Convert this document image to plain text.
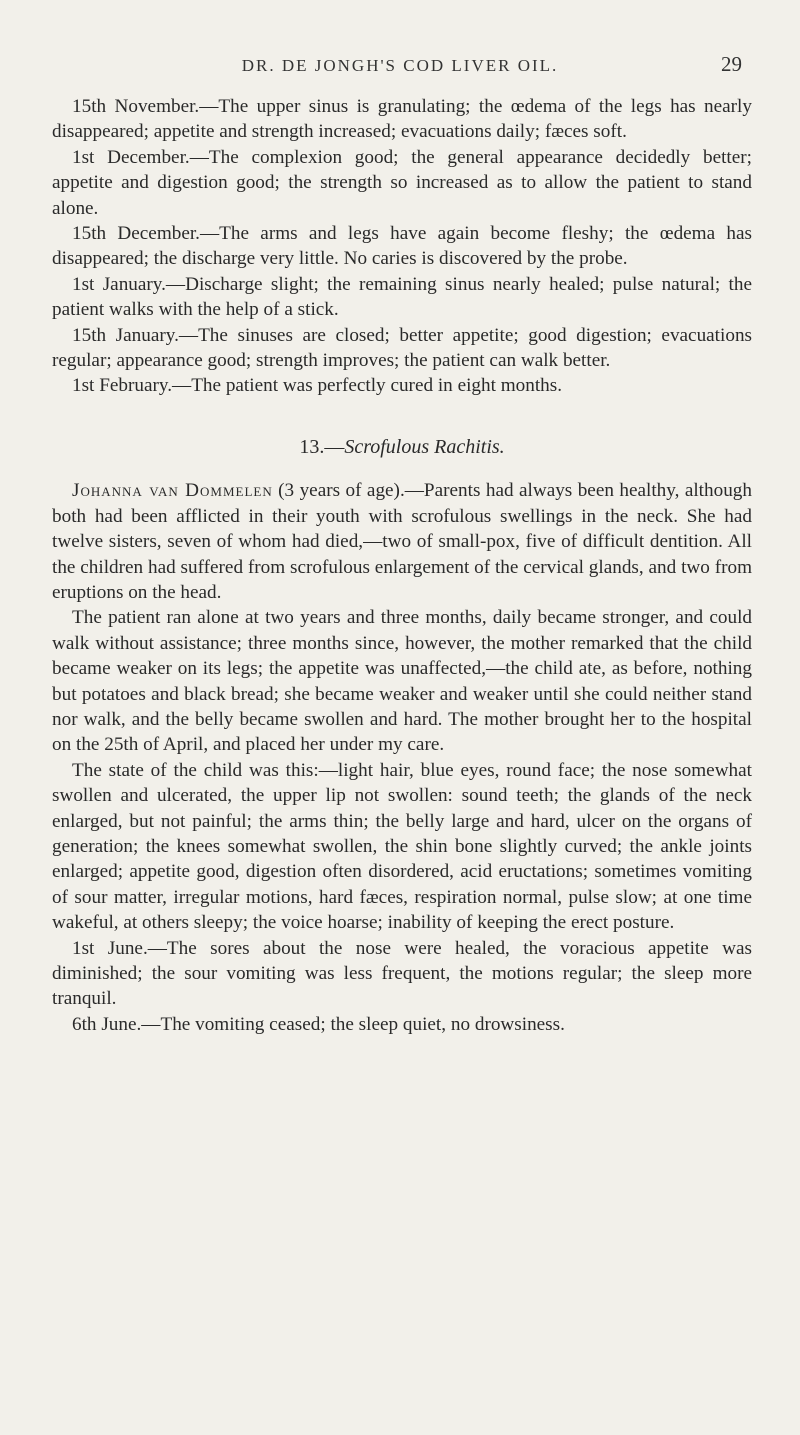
DR. DE JONGH'S COD LIVER OIL.	29

15th November.—The upper sinus is granulating; the œdema of the legs has nearly disappeared; appetite and strength increased; evacuations daily; fæces soft.

1st December.—The complexion good; the general appearance decidedly better; appetite and digestion good; the strength so increased as to allow the patient to stand alone.

15th December.—The arms and legs have again become fleshy; the œdema has disappeared; the discharge very little. No caries is discovered by the probe.

1st January.—Discharge slight; the remaining sinus nearly healed; pulse natural; the patient walks with the help of a stick.

15th January.—The sinuses are closed; better appetite; good digestion; evacuations regular; appearance good; strength improves; the patient can walk better.

1st February.—The patient was perfectly cured in eight months.

13.—Scrofulous Rachitis.

Johanna van Dommelen (3 years of age).—Parents had always been healthy, although both had been afflicted in their youth with scrofulous swellings in the neck. She had twelve sisters, seven of whom had died,—two of small-pox, five of difficult dentition. All the children had suffered from scrofulous enlargement of the cervical glands, and two from eruptions on the head.

The patient ran alone at two years and three months, daily became stronger, and could walk without assistance; three months since, however, the mother remarked that the child became weaker on its legs; the appetite was unaffected,—the child ate, as before, nothing but potatoes and black bread; she became weaker and weaker until she could neither stand nor walk, and the belly became swollen and hard. The mother brought her to the hospital on the 25th of April, and placed her under my care.

The state of the child was this:—light hair, blue eyes, round face; the nose somewhat swollen and ulcerated, the upper lip not swollen: sound teeth; the glands of the neck enlarged, but not painful; the arms thin; the belly large and hard, ulcer on the organs of generation; the knees somewhat swollen, the shin bone slightly curved; the ankle joints enlarged; appetite good, digestion often disordered, acid eructations; sometimes vomiting of sour matter, irregular motions, hard fæces, respiration normal, pulse slow; at one time wakeful, at others sleepy; the voice hoarse; inability of keeping the erect posture.

1st June.—The sores about the nose were healed, the voracious appetite was diminished; the sour vomiting was less frequent, the motions regular; the sleep more tranquil.

6th June.—The vomiting ceased; the sleep quiet, no drowsiness.
